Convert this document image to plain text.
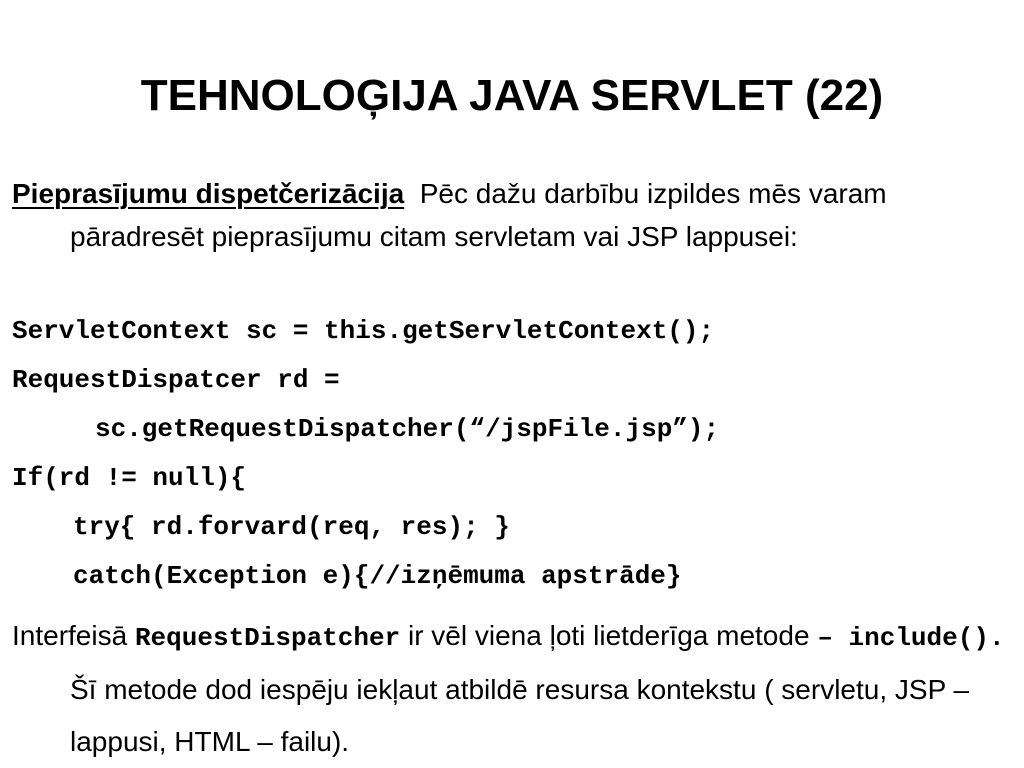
TEHNOLOĢIJA JAVA SERVLET (22)
Pieprasījumu dispetčerizācija Pēc dažu darbību izpildes mēs varam pāradresēt pieprasījumu citam servletam vai JSP lappusei:
ServletContext sc = this.getServletContext();
RequestDispatcer rd =
sc.getRequestDispatcher(“/jspFile.jsp”);
If(rd != null){
try{ rd.forvard(req, res); }
catch(Exception e){//izņēmuma apstrāde}
Interfeisā RequestDispatcher ir vēl viena ļoti lietderīga metode – include(). Šī metode dod iespēju iekļaut atbildē resursa kontekstu ( servletu, JSP – lappusi, HTML – failu).
